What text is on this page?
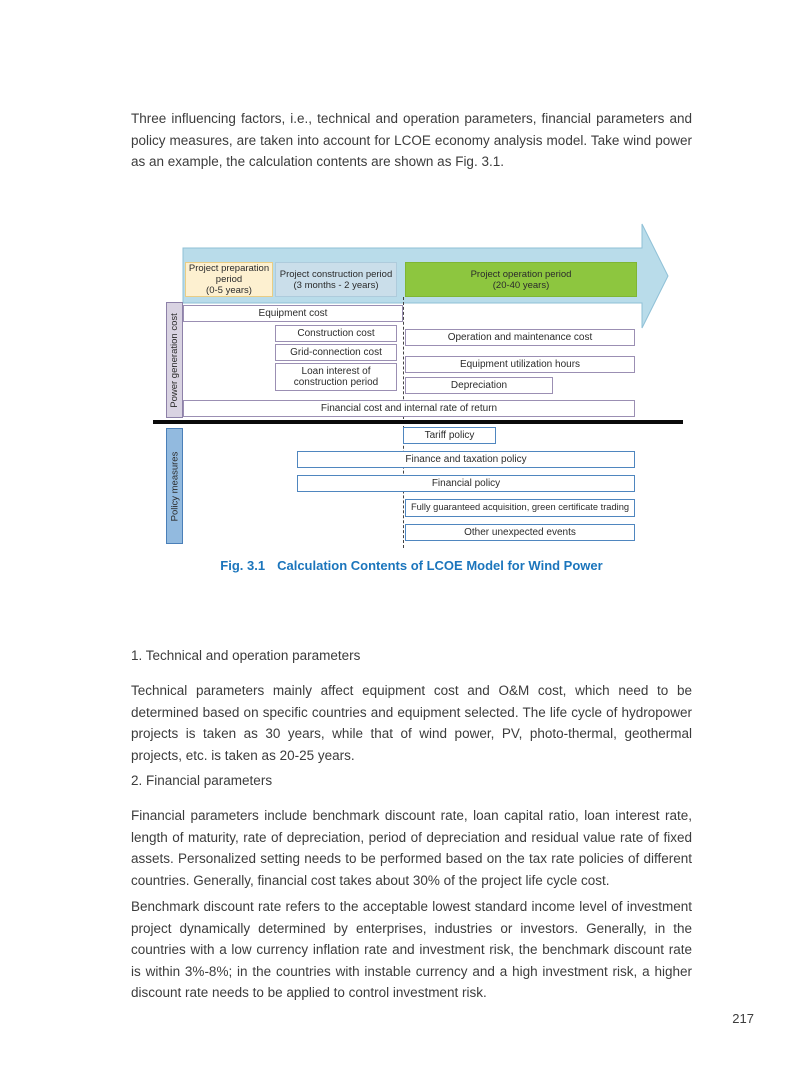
Three influencing factors, i.e., technical and operation parameters, financial parameters and policy measures, are taken into account for LCOE economy analysis model. Take wind power as an example, the calculation contents are shown as Fig. 3.1.

Project preparation period
(0-5 years)
Project construction period
(3 months - 2 years)
Project operation period
(20-40 years)
Power generation cost
Policy measures
Equipment cost
Construction cost
Grid-connection cost
Loan interest of construction period
Operation and maintenance cost
Equipment utilization hours
Depreciation
Financial cost and internal rate of return
Tariff policy
Finance and taxation policy
Financial policy
Fully guaranteed acquisition, green certificate trading
Other unexpected events
Fig. 3.1 Calculation Contents of LCOE Model for Wind Power
1. Technical and operation parameters

Technical parameters mainly affect equipment cost and O&M cost, which need to be determined based on specific countries and equipment selected. The life cycle of hydropower projects is taken as 30 years, while that of wind power, PV, photo-thermal, geothermal projects, etc. is taken as 20-25 years.

2. Financial parameters

Financial parameters include benchmark discount rate, loan capital ratio, loan interest rate, length of maturity, rate of depreciation, period of depreciation and residual value rate of fixed assets. Personalized setting needs to be performed based on the tax rate policies of different countries. Generally, financial cost takes about 30% of the project life cycle cost.

Benchmark discount rate refers to the acceptable lowest standard income level of investment project dynamically determined by enterprises, industries or investors. Generally, in the countries with a low currency inflation rate and investment risk, the benchmark discount rate is within 3%-8%; in the countries with instable currency and a high investment risk, a higher discount rate needs to be applied to control investment risk.

217
